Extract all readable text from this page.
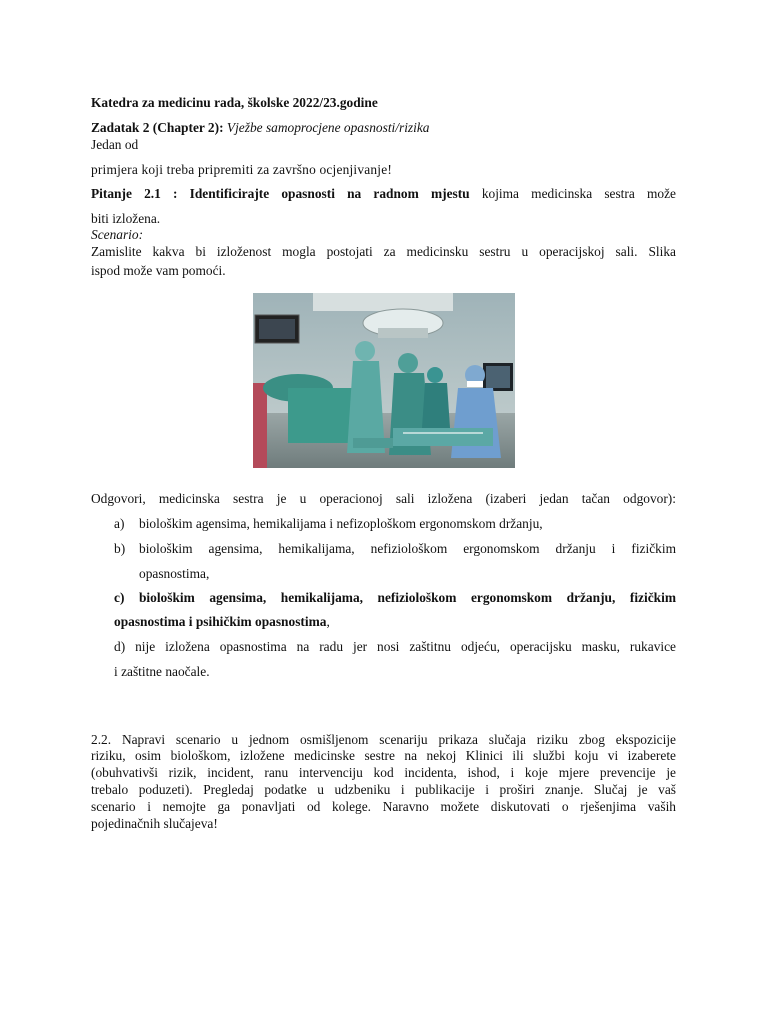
Katedra za medicinu rada, školske 2022/23.godine
Zadatak 2 (Chapter 2): Vježbe samoprocjene opasnosti/rizika
Jedan od
primjera koji treba pripremiti za završno ocjenjivanje!
Pitanje 2.1 : Identificirajte opasnosti na radnom mjestu kojima medicinska sestra može
biti izložena.
Scenario:
Zamislite kakva bi izloženost mogla postojati za medicinsku sestru u operacijskoj sali. Slika
ispod može vam pomoći.
Odgovori, medicinska sestra je u operacionoj sali izložena (izaberi jedan tačan odgovor):
a) biološkim agensima, hemikalijama i nefizoploškom ergonomskom držanju,
b) biološkim agensima, hemikalijama, nefiziološkom ergonomskom držanju i fizičkim
opasnostima,
c) biološkim agensima, hemikalijama, nefiziološkom ergonomskom držanju, fizičkim
opasnostima i psihičkim opasnostima,
d) nije izložena opasnostima na radu jer nosi zaštitnu odjeću, operacijsku masku, rukavice
i zaštitne naočale.
2.2. Napravi scenario u jednom osmišljenom scenariju prikaza slučaja riziku zbog ekspozicije
riziku, osim biološkom, izložene medicinske sestre na nekoj Klinici ili službi koju vi izaberete
(obuhvativši rizik, incident, ranu intervenciju kod incidenta, ishod, i koje mjere prevencije je
trebalo poduzeti). Pregledaj podatke u udzbeniku i publikacije i proširi znanje. Slučaj je vaš
scenario i nemojte ga ponavljati od kolege. Naravno možete diskutovati o rješenjima vaših
pojedinačnih slučajeva!
